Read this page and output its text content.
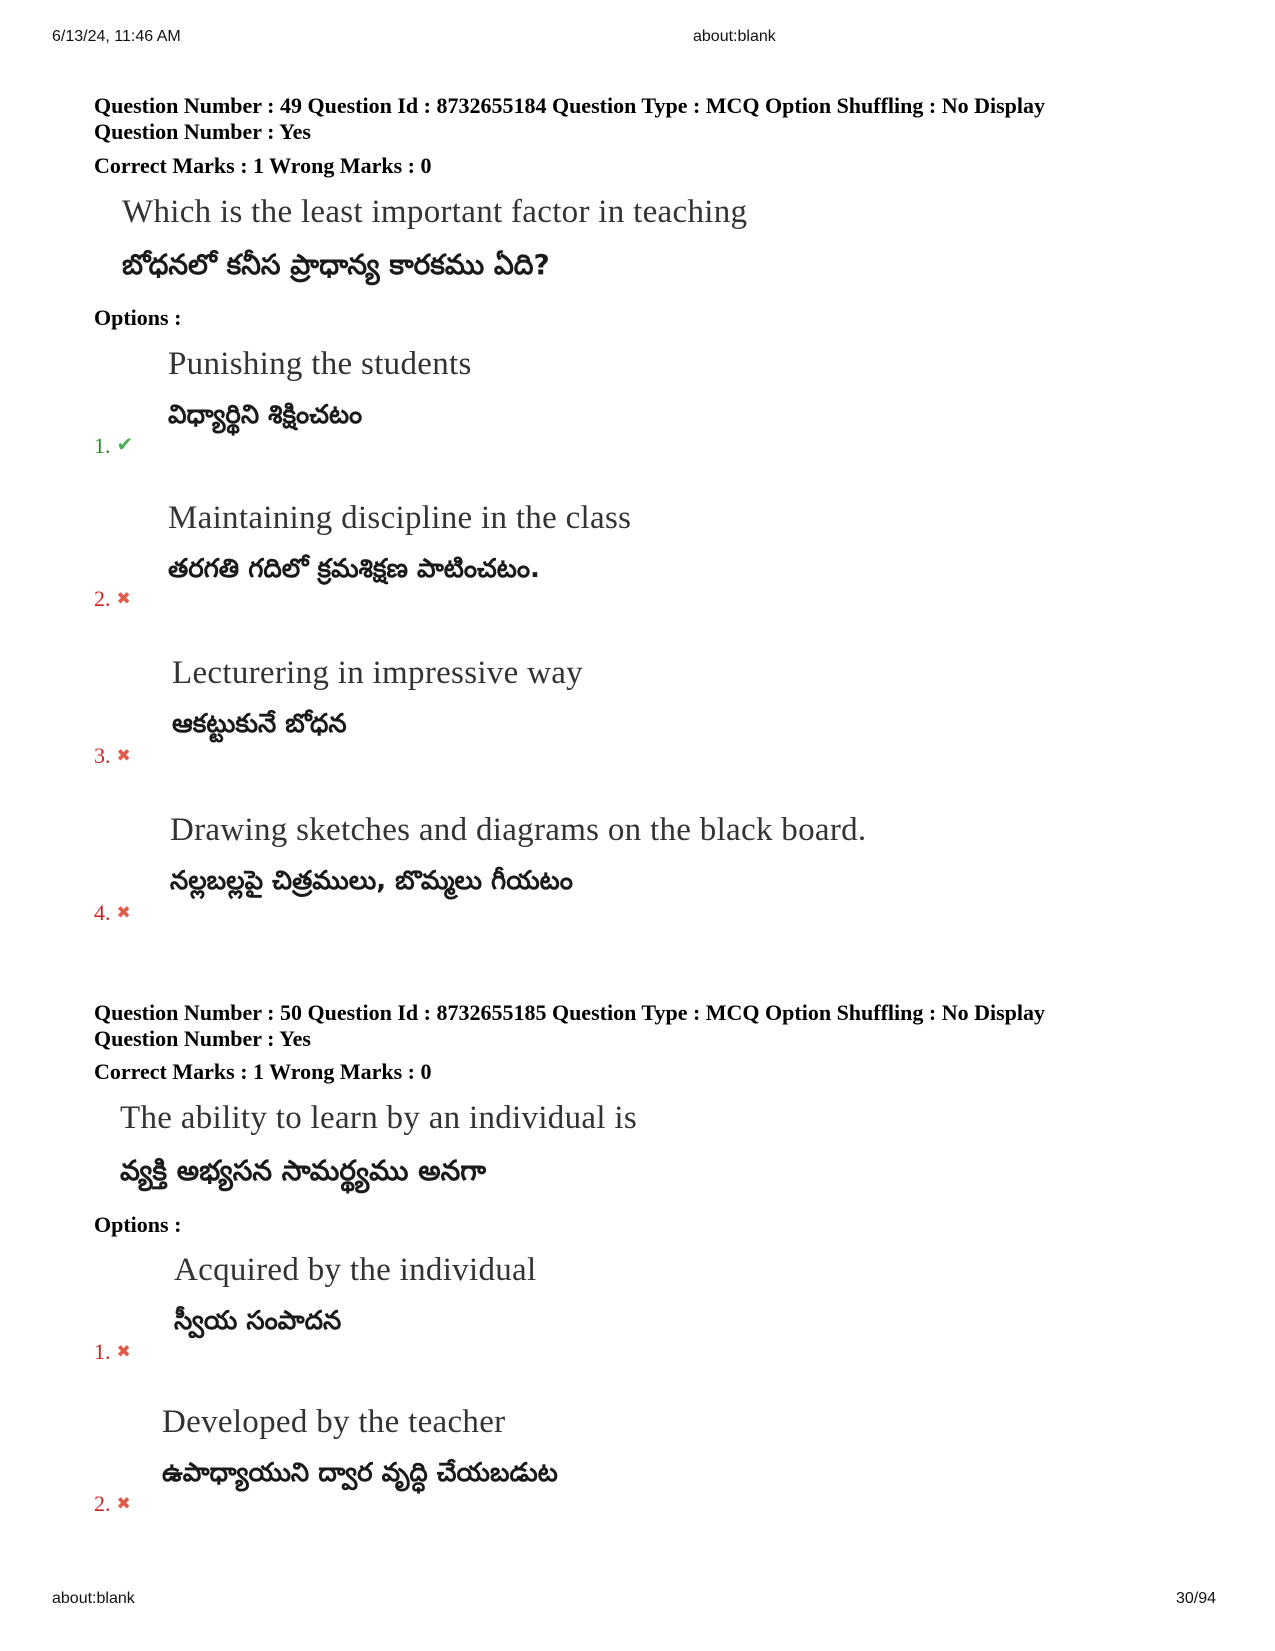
6/13/24, 11:46 AM	about:blank
Question Number : 49 Question Id : 8732655184 Question Type : MCQ Option Shuffling : No Display
Question Number : Yes
Correct Marks : 1 Wrong Marks : 0
Which is the least important factor in teaching
బోధనలో కనీస ప్రాధాన్య కారకము ఏది?
Options :
Punishing the students
విధ్యార్థిని శిక్షించటం
1. ✔
Maintaining discipline in the class
తరగతి గదిలో క్రమశిక్షణ పాటించటం.
2. ✖
Lecturering in impressive way
ఆకట్టుకునే బోధన
3. ✖
Drawing sketches and diagrams on the black board.
నల్లబల్లపై చిత్రములు, బొమ్మలు గీయటం
4. ✖
Question Number : 50 Question Id : 8732655185 Question Type : MCQ Option Shuffling : No Display
Question Number : Yes
Correct Marks : 1 Wrong Marks : 0
The ability to learn by an individual is
వ్యక్తి అభ్యసన సామర్థ్యము అనగా
Options :
Acquired by the individual
స్వీయ సంపాదన
1. ✖
Developed by the teacher
ఉపాధ్యాయుని ద్వార వృద్ధి చేయబడుట
2. ✖
about:blank	30/94
